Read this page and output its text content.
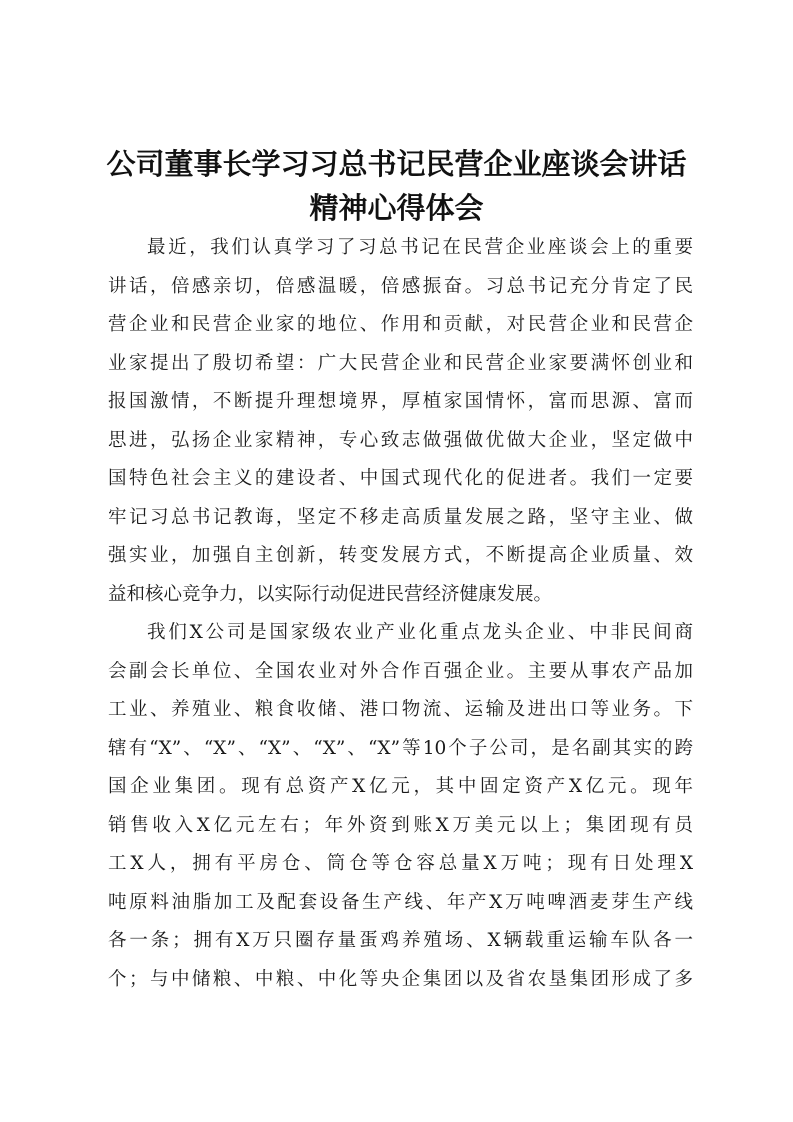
公司董事长学习习总书记民营企业座谈会讲话
精神心得体会
最近，我们认真学习了习总书记在民营企业座谈会上的重要
讲话，倍感亲切，倍感温暖，倍感振奋。习总书记充分肯定了民
营企业和民营企业家的地位、作用和贡献，对民营企业和民营企
业家提出了殷切希望：广大民营企业和民营企业家要满怀创业和
报国激情，不断提升理想境界，厚植家国情怀，富而思源、富而
思进，弘扬企业家精神，专心致志做强做优做大企业，坚定做中
国特色社会主义的建设者、中国式现代化的促进者。我们一定要
牢记习总书记教诲，坚定不移走高质量发展之路，坚守主业、做
强实业，加强自主创新，转变发展方式，不断提高企业质量、效
益和核心竞争力，以实际行动促进民营经济健康发展。
我们X公司是国家级农业产业化重点龙头企业、中非民间商
会副会长单位、全国农业对外合作百强企业。主要从事农产品加
工业、养殖业、粮食收储、港口物流、运输及进出口等业务。下
辖有“X”、“X”、“X”、“X”、“X”等10个子公司，是名副其实的跨
国企业集团。现有总资产X亿元，其中固定资产X亿元。现年
销售收入X亿元左右；年外资到账X万美元以上；集团现有员
工X人，拥有平房仓、筒仓等仓容总量X万吨；现有日处理X
吨原料油脂加工及配套设备生产线、年产X万吨啤酒麦芽生产线
各一条；拥有X万只圈存量蛋鸡养殖场、X辆载重运输车队各一
个；与中储粮、中粮、中化等央企集团以及省农垦集团形成了多
